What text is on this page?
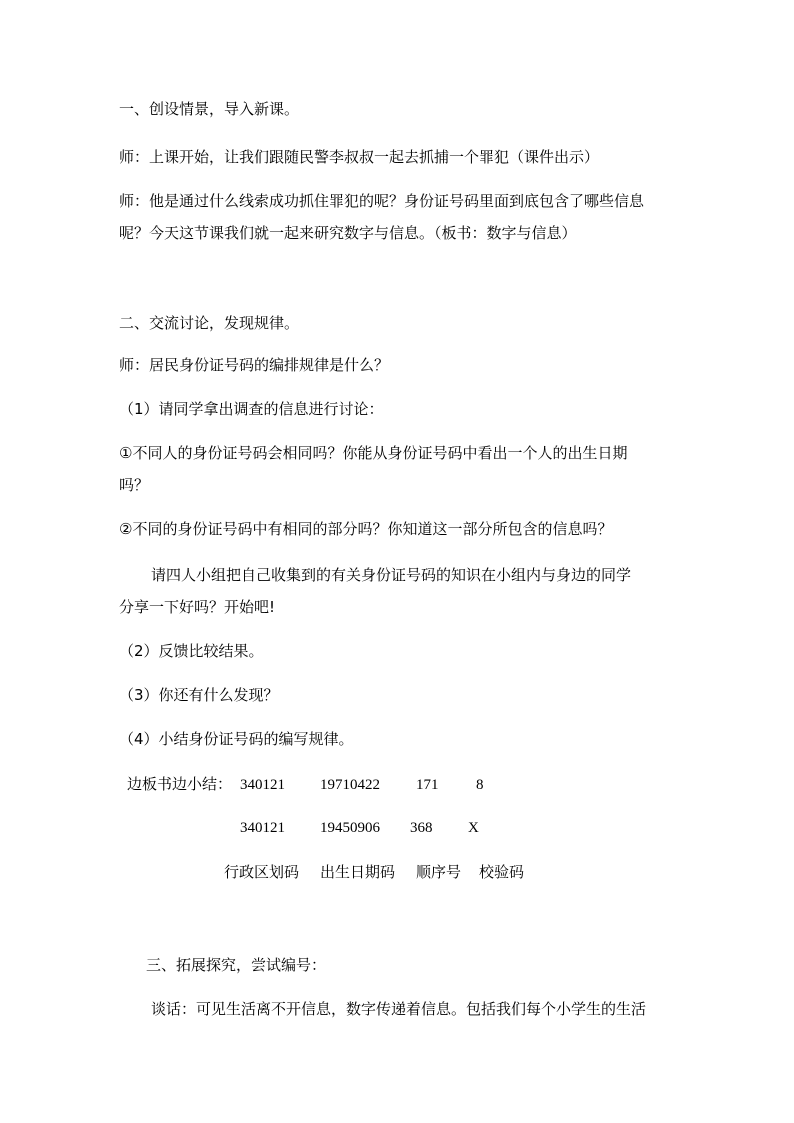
一、创设情景，导入新课。
师：上课开始，让我们跟随民警李叔叔一起去抓捕一个罪犯（课件出示）
师：他是通过什么线索成功抓住罪犯的呢？身份证号码里面到底包含了哪些信息
呢？今天这节课我们就一起来研究数字与信息。（板书：数字与信息）
二、交流讨论，发现规律。
师：居民身份证号码的编排规律是什么？
（1）请同学拿出调查的信息进行讨论：
①不同人的身份证号码会相同吗？你能从身份证号码中看出一个人的出生日期
吗？
②不同的身份证号码中有相同的部分吗？你知道这一部分所包含的信息吗？
请四人小组把自己收集到的有关身份证号码的知识在小组内与身边的同学
分享一下好吗？开始吧!
（2）反馈比较结果。
（3）你还有什么发现？
（4）小结身份证号码的编写规律。
边板书边小结： 340121 19710422 171	8
340121 19450906 368 X
行政区划码 出生日期码 顺序号 校验码
三、拓展探究，尝试编号：
谈话：可见生活离不开信息，数字传递着信息。包括我们每个小学生的生活
